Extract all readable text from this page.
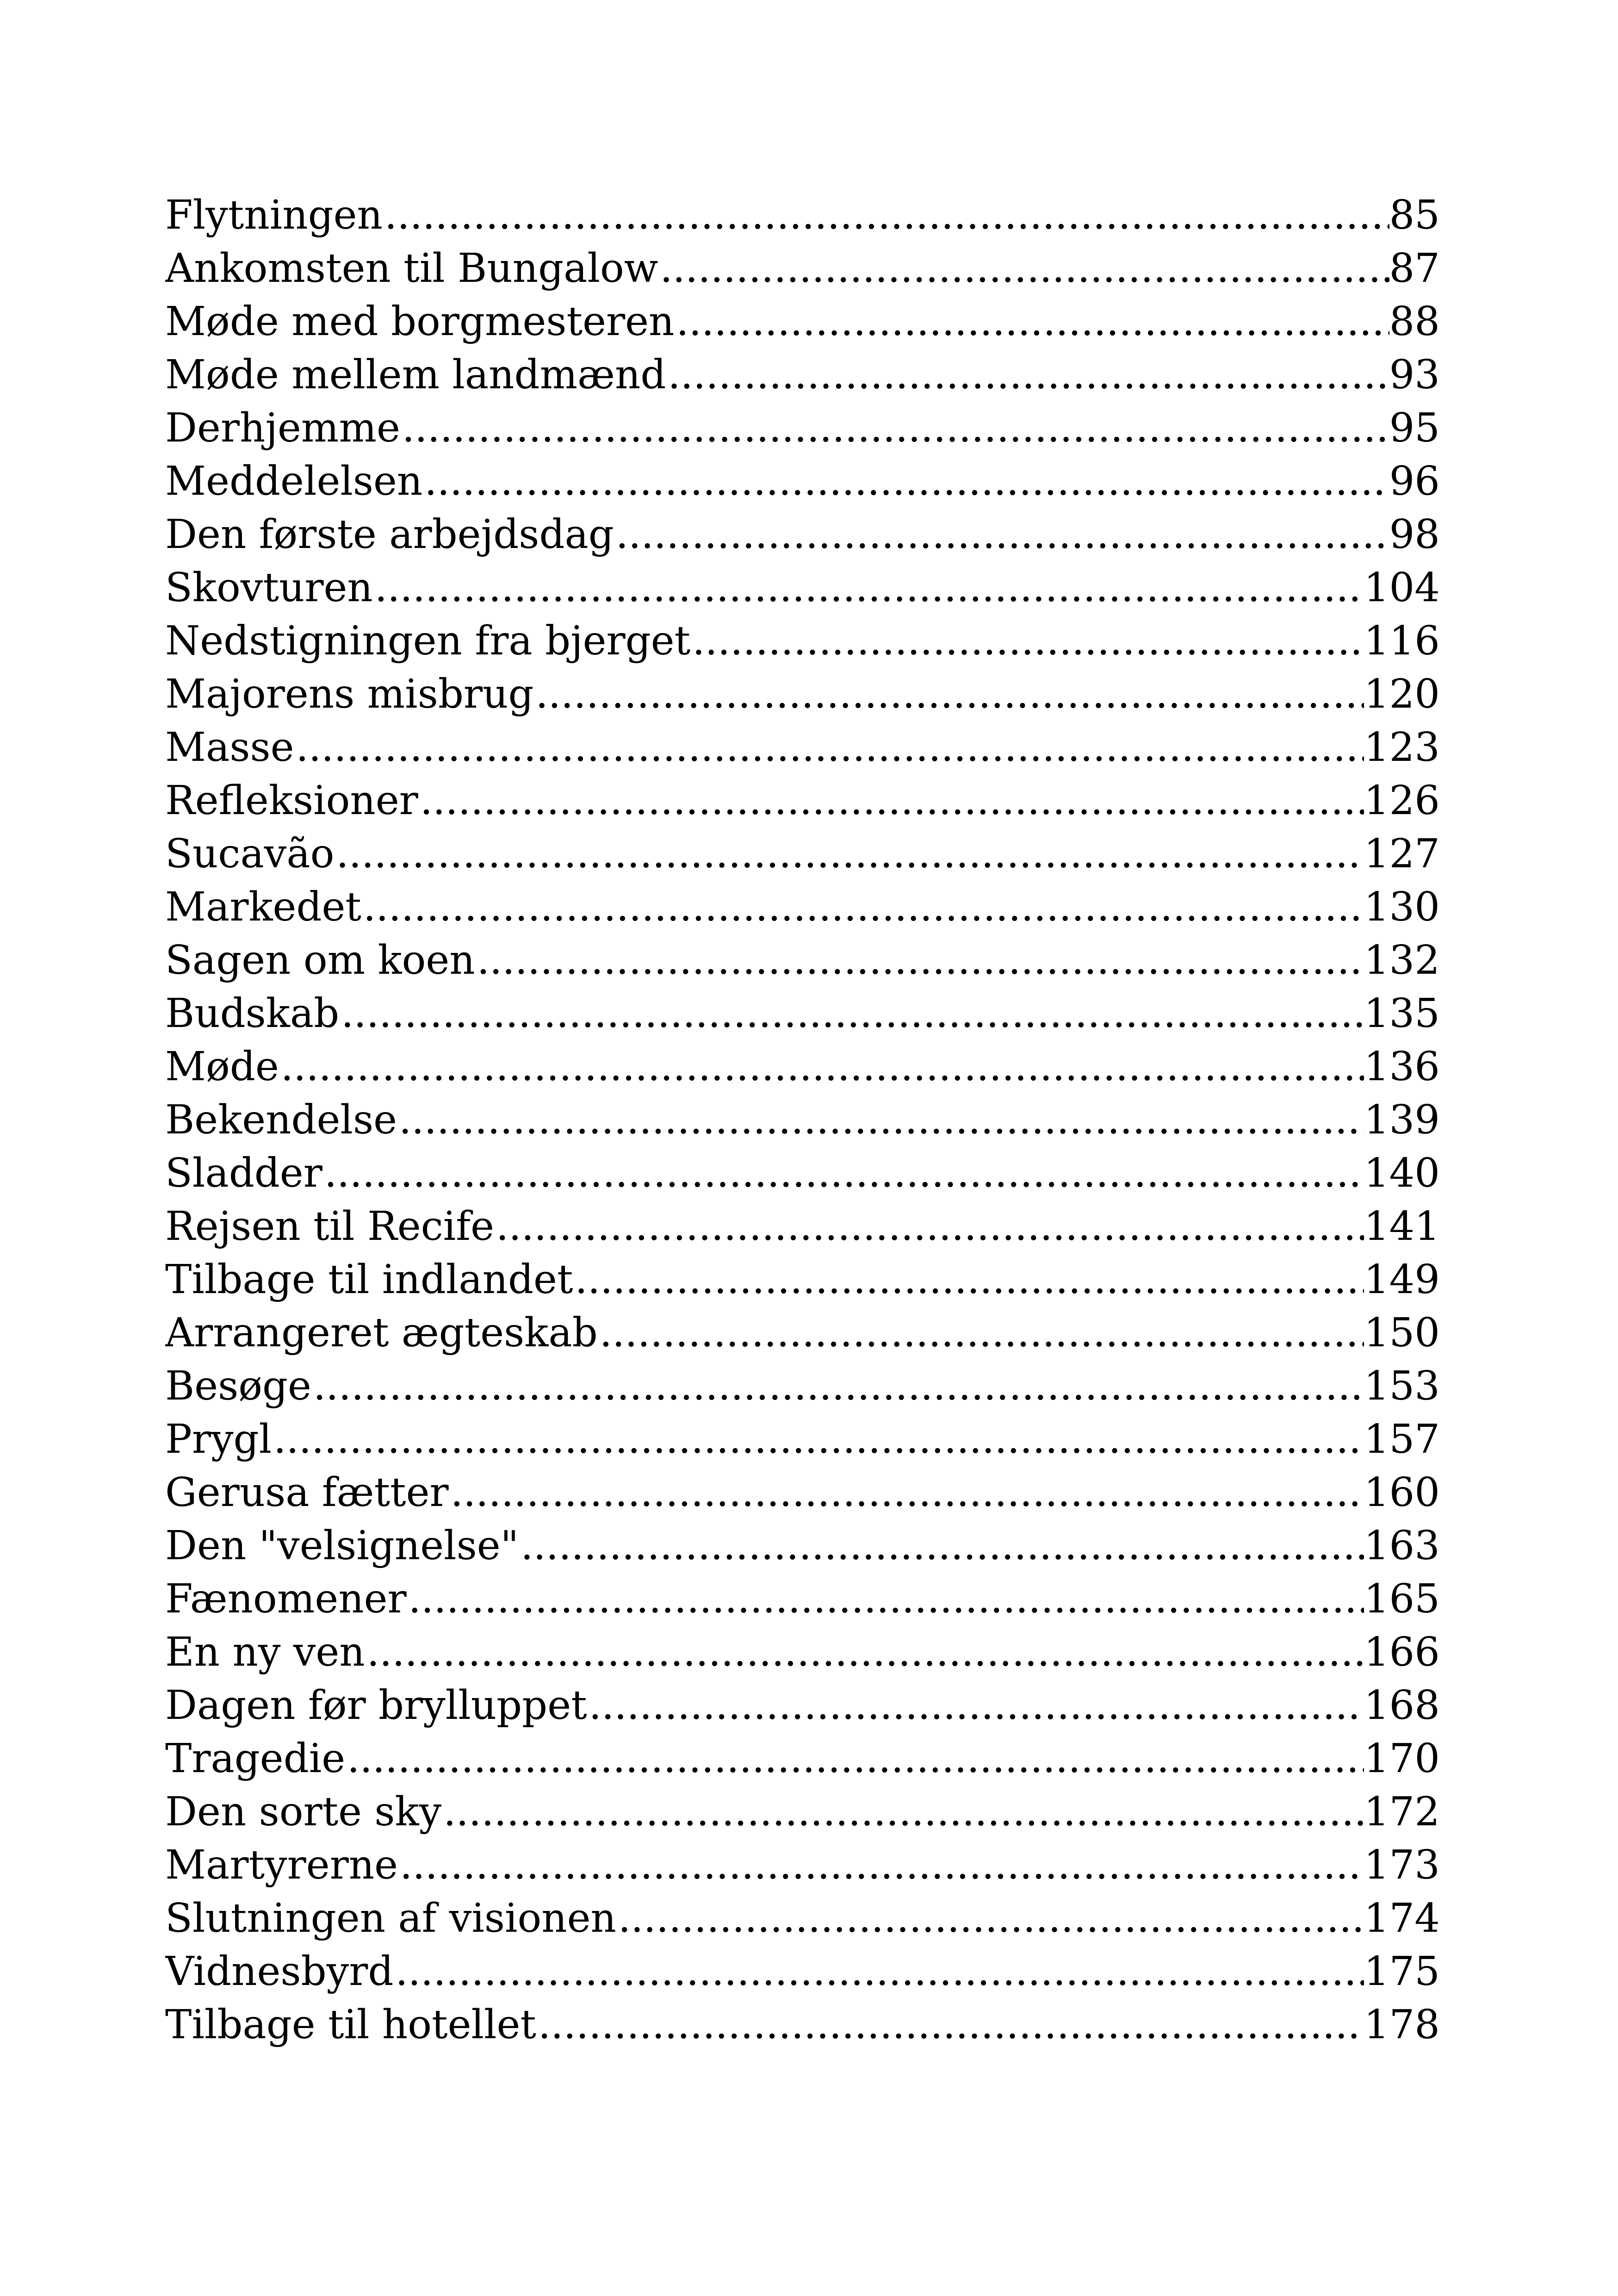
Flytningen .....	85
Ankomsten til Bungalow .....	87
Møde med borgmesteren .....	88
Møde mellem landmænd .....	93
Derhjemme .....	95
Meddelelsen .....	96
Den første arbejdsdag .....	98
Skovturen .....	104
Nedstigningen fra bjerget .....	116
Majorens misbrug .....	120
Masse .....	123
Refleksioner .....	126
Sucavão .....	127
Markedet .....	130
Sagen om koen .....	132
Budskab .....	135
Møde .....	136
Bekendelse .....	139
Sladder .....	140
Rejsen til Recife .....	141
Tilbage til indlandet .....	149
Arrangeret ægteskab .....	150
Besøge .....	153
Prygl .....	157
Gerusa fætter .....	160
Den "velsignelse" .....	163
Fænomener .....	165
En ny ven .....	166
Dagen før brylluppet .....	168
Tragedie .....	170
Den sorte sky .....	172
Martyrerne .....	173
Slutningen af visionen .....	174
Vidnesbyrd .....	175
Tilbage til hotellet .....	178
